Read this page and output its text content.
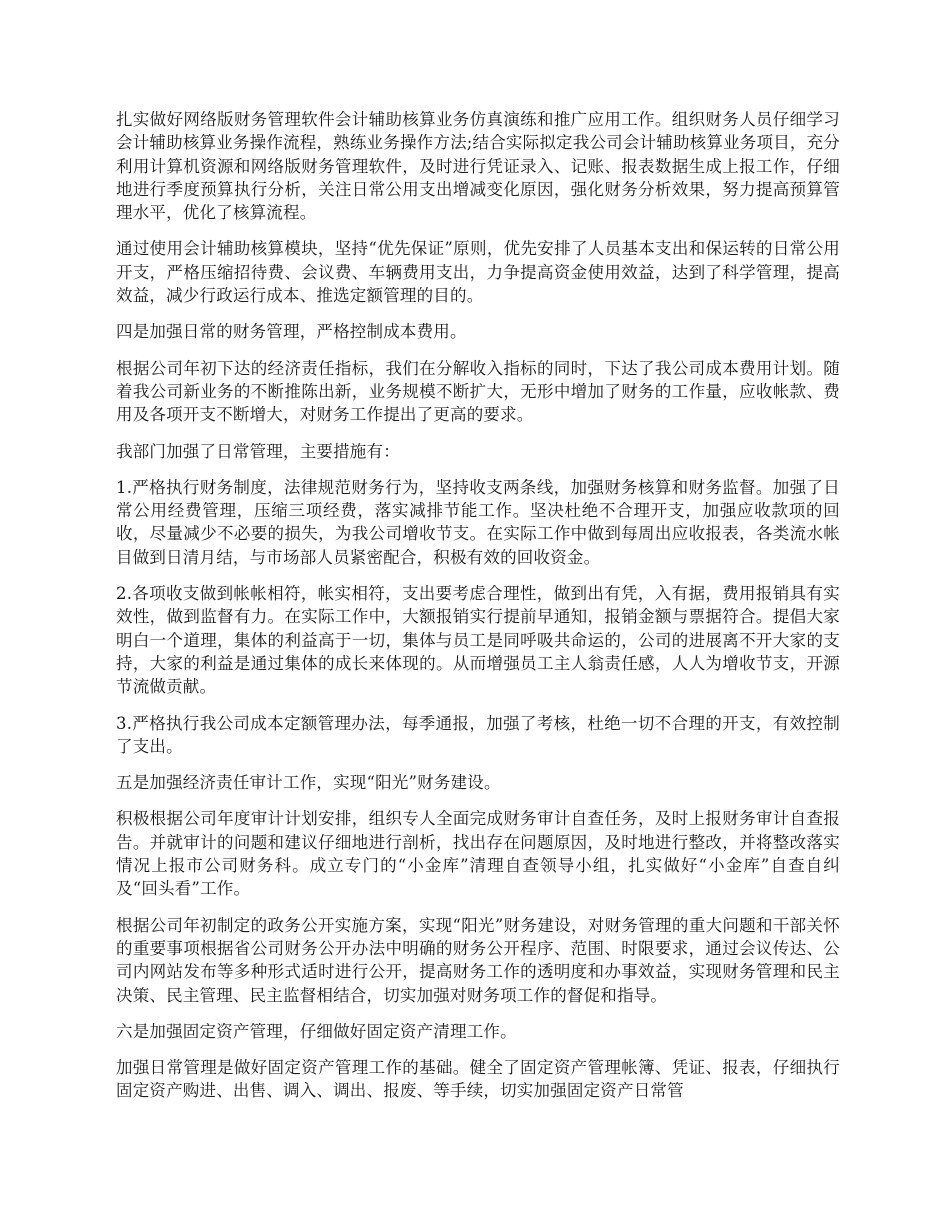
扎实做好网络版财务管理软件会计辅助核算业务仿真演练和推广应用工作。组织财务人员仔细学习会计辅助核算业务操作流程，熟练业务操作方法;结合实际拟定我公司会计辅助核算业务项目，充分利用计算机资源和网络版财务管理软件，及时进行凭证录入、记账、报表数据生成上报工作，仔细地进行季度预算执行分析，关注日常公用支出增减变化原因，强化财务分析效果，努力提高预算管理水平，优化了核算流程。

通过使用会计辅助核算模块，坚持“优先保证”原则，优先安排了人员基本支出和保运转的日常公用开支，严格压缩招待费、会议费、车辆费用支出，力争提高资金使用效益，达到了科学管理，提高效益，减少行政运行成本、推选定额管理的目的。

四是加强日常的财务管理，严格控制成本费用。

根据公司年初下达的经济责任指标，我们在分解收入指标的同时，下达了我公司成本费用计划。随着我公司新业务的不断推陈出新，业务规模不断扩大，无形中增加了财务的工作量，应收帐款、费用及各项开支不断增大，对财务工作提出了更高的要求。

我部门加强了日常管理，主要措施有：

1.严格执行财务制度，法律规范财务行为，坚持收支两条线，加强财务核算和财务监督。加强了日常公用经费管理，压缩三项经费，落实减排节能工作。坚决杜绝不合理开支，加强应收款项的回收，尽量减少不必要的损失，为我公司增收节支。在实际工作中做到每周出应收报表，各类流水帐目做到日清月结，与市场部人员紧密配合，积极有效的回收资金。

2.各项收支做到帐帐相符，帐实相符，支出要考虑合理性，做到出有凭，入有据，费用报销具有实效性，做到监督有力。在实际工作中，大额报销实行提前早通知，报销金额与票据符合。提倡大家明白一个道理，集体的利益高于一切，集体与员工是同呼吸共命运的，公司的进展离不开大家的支持，大家的利益是通过集体的成长来体现的。从而增强员工主人翁责任感，人人为增收节支，开源节流做贡献。

3.严格执行我公司成本定额管理办法，每季通报，加强了考核，杜绝一切不合理的开支，有效控制了支出。

五是加强经济责任审计工作，实现“阳光”财务建设。

积极根据公司年度审计计划安排，组织专人全面完成财务审计自查任务，及时上报财务审计自查报告。并就审计的问题和建议仔细地进行剖析，找出存在问题原因，及时地进行整改，并将整改落实情况上报市公司财务科。成立专门的“小金库”清理自查领导小组，扎实做好“小金库”自查自纠及“回头看”工作。

根据公司年初制定的政务公开实施方案，实现“阳光”财务建设，对财务管理的重大问题和干部关怀的重要事项根据省公司财务公开办法中明确的财务公开程序、范围、时限要求，通过会议传达、公司内网站发布等多种形式适时进行公开，提高财务工作的透明度和办事效益，实现财务管理和民主决策、民主管理、民主监督相结合，切实加强对财务项工作的督促和指导。

六是加强固定资产管理，仔细做好固定资产清理工作。

加强日常管理是做好固定资产管理工作的基础。健全了固定资产管理帐簿、凭证、报表，仔细执行固定资产购进、出售、调入、调出、报废、等手续，切实加强固定资产日常管
